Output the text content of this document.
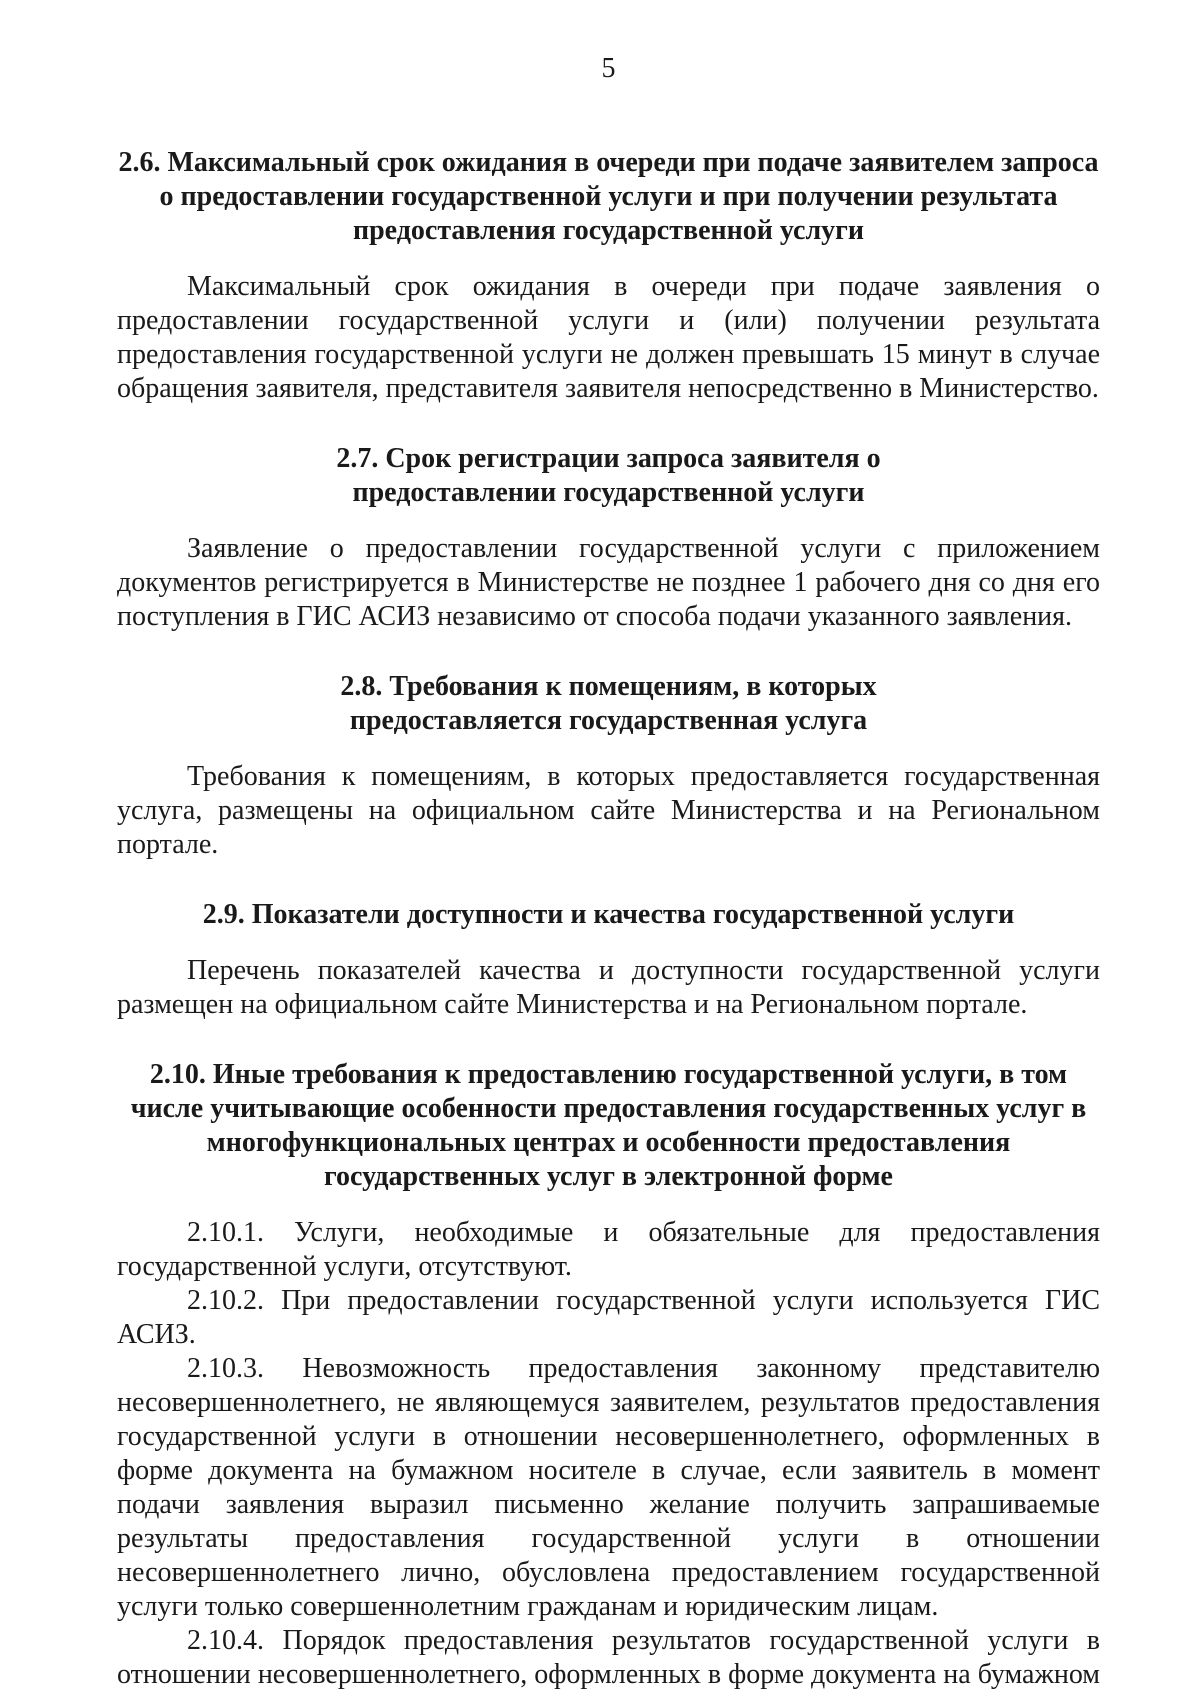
5

2.6. Максимальный срок ожидания в очереди при подаче заявителем запроса о предоставлении государственной услуги и при получении результата предоставления государственной услуги

Максимальный срок ожидания в очереди при подаче заявления о предоставлении государственной услуги и (или) получении результата предоставления государственной услуги не должен превышать 15 минут в случае обращения заявителя, представителя заявителя непосредственно в Министерство.

2.7. Срок регистрации запроса заявителя о предоставлении государственной услуги

Заявление о предоставлении государственной услуги с приложением документов регистрируется в Министерстве не позднее 1 рабочего дня со дня его поступления в ГИС АСИЗ независимо от способа подачи указанного заявления.

2.8. Требования к помещениям, в которых предоставляется государственная услуга

Требования к помещениям, в которых предоставляется государственная услуга, размещены на официальном сайте Министерства и на Региональном портале.

2.9. Показатели доступности и качества государственной услуги

Перечень показателей качества и доступности государственной услуги размещен на официальном сайте Министерства и на Региональном портале.

2.10. Иные требования к предоставлению государственной услуги, в том числе учитывающие особенности предоставления государственных услуг в многофункциональных центрах и особенности предоставления государственных услуг в электронной форме

2.10.1. Услуги, необходимые и обязательные для предоставления государственной услуги, отсутствуют.

2.10.2. При предоставлении государственной услуги используется ГИС АСИЗ.

2.10.3. Невозможность предоставления законному представителю несовершеннолетнего, не являющемуся заявителем, результатов предоставления государственной услуги в отношении несовершеннолетнего, оформленных в форме документа на бумажном носителе в случае, если заявитель в момент подачи заявления выразил письменно желание получить запрашиваемые результаты предоставления государственной услуги в отношении несовершеннолетнего лично, обусловлена предоставлением государственной услуги только совершеннолетним гражданам и юридическим лицам.

2.10.4. Порядок предоставления результатов государственной услуги в отношении несовершеннолетнего, оформленных в форме документа на бумажном
